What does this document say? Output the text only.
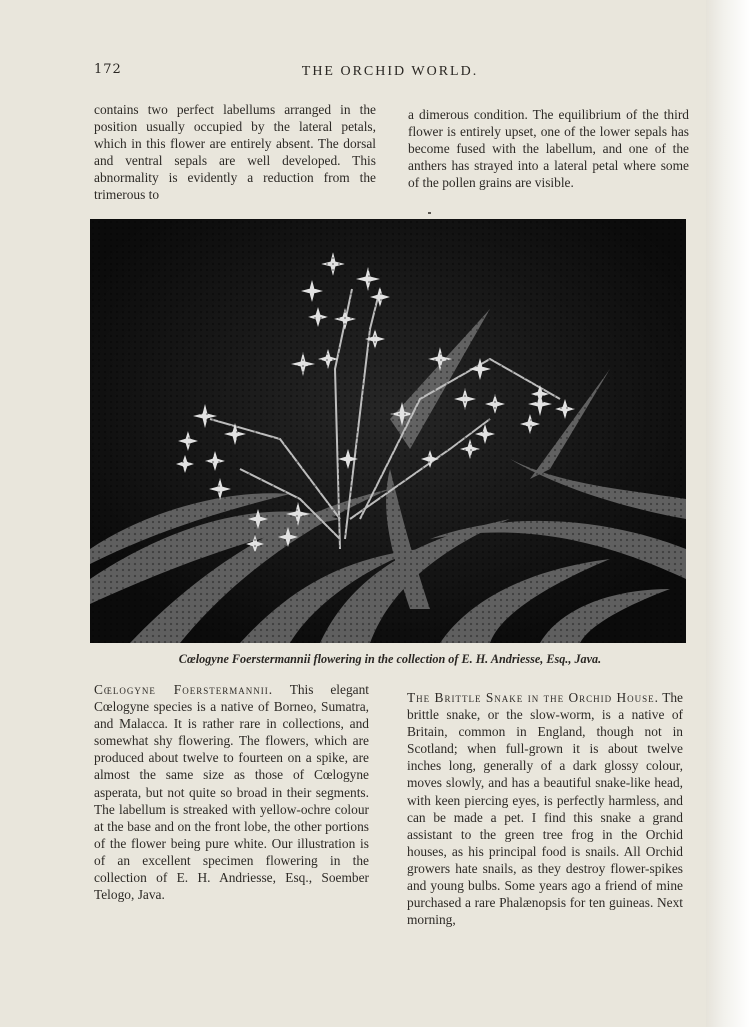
172	THE ORCHID WORLD.
contains two perfect labellums arranged in the position usually occupied by the lateral petals, which in this flower are entirely absent. The dorsal and ventral sepals are well developed. This abnormality is evidently a reduction from the trimerous to
a dimerous condition. The equilibrium of the third flower is entirely upset, one of the lower sepals has become fused with the labellum, and one of the anthers has strayed into a lateral petal where some of the pollen grains are visible.
Cœlogyne Foerstermannii flowering in the collection of E. H. Andriesse, Esq., Java.
Cœlogyne Foerstermannii. This elegant Cœlogyne species is a native of Borneo, Sumatra, and Malacca. It is rather rare in collections, and somewhat shy flowering. The flowers, which are produced about twelve to fourteen on a spike, are almost the same size as those of Cœlogyne asperata, but not quite so broad in their segments. The labellum is streaked with yellow-ochre colour at the base and on the front lobe, the other portions of the flower being pure white. Our illustration is of an excellent specimen flowering in the collection of E. H. Andriesse, Esq., Soember Telogo, Java.
The Brittle Snake in the Orchid House. The brittle snake, or the slow-worm, is a native of Britain, common in England, though not in Scotland; when full-grown it is about twelve inches long, generally of a dark glossy colour, moves slowly, and has a beautiful snake-like head, with keen piercing eyes, is perfectly harmless, and can be made a pet. I find this snake a grand assistant to the green tree frog in the Orchid houses, as his principal food is snails. All Orchid growers hate snails, as they destroy flower-spikes and young bulbs. Some years ago a friend of mine purchased a rare Phalænopsis for ten guineas. Next morning,
